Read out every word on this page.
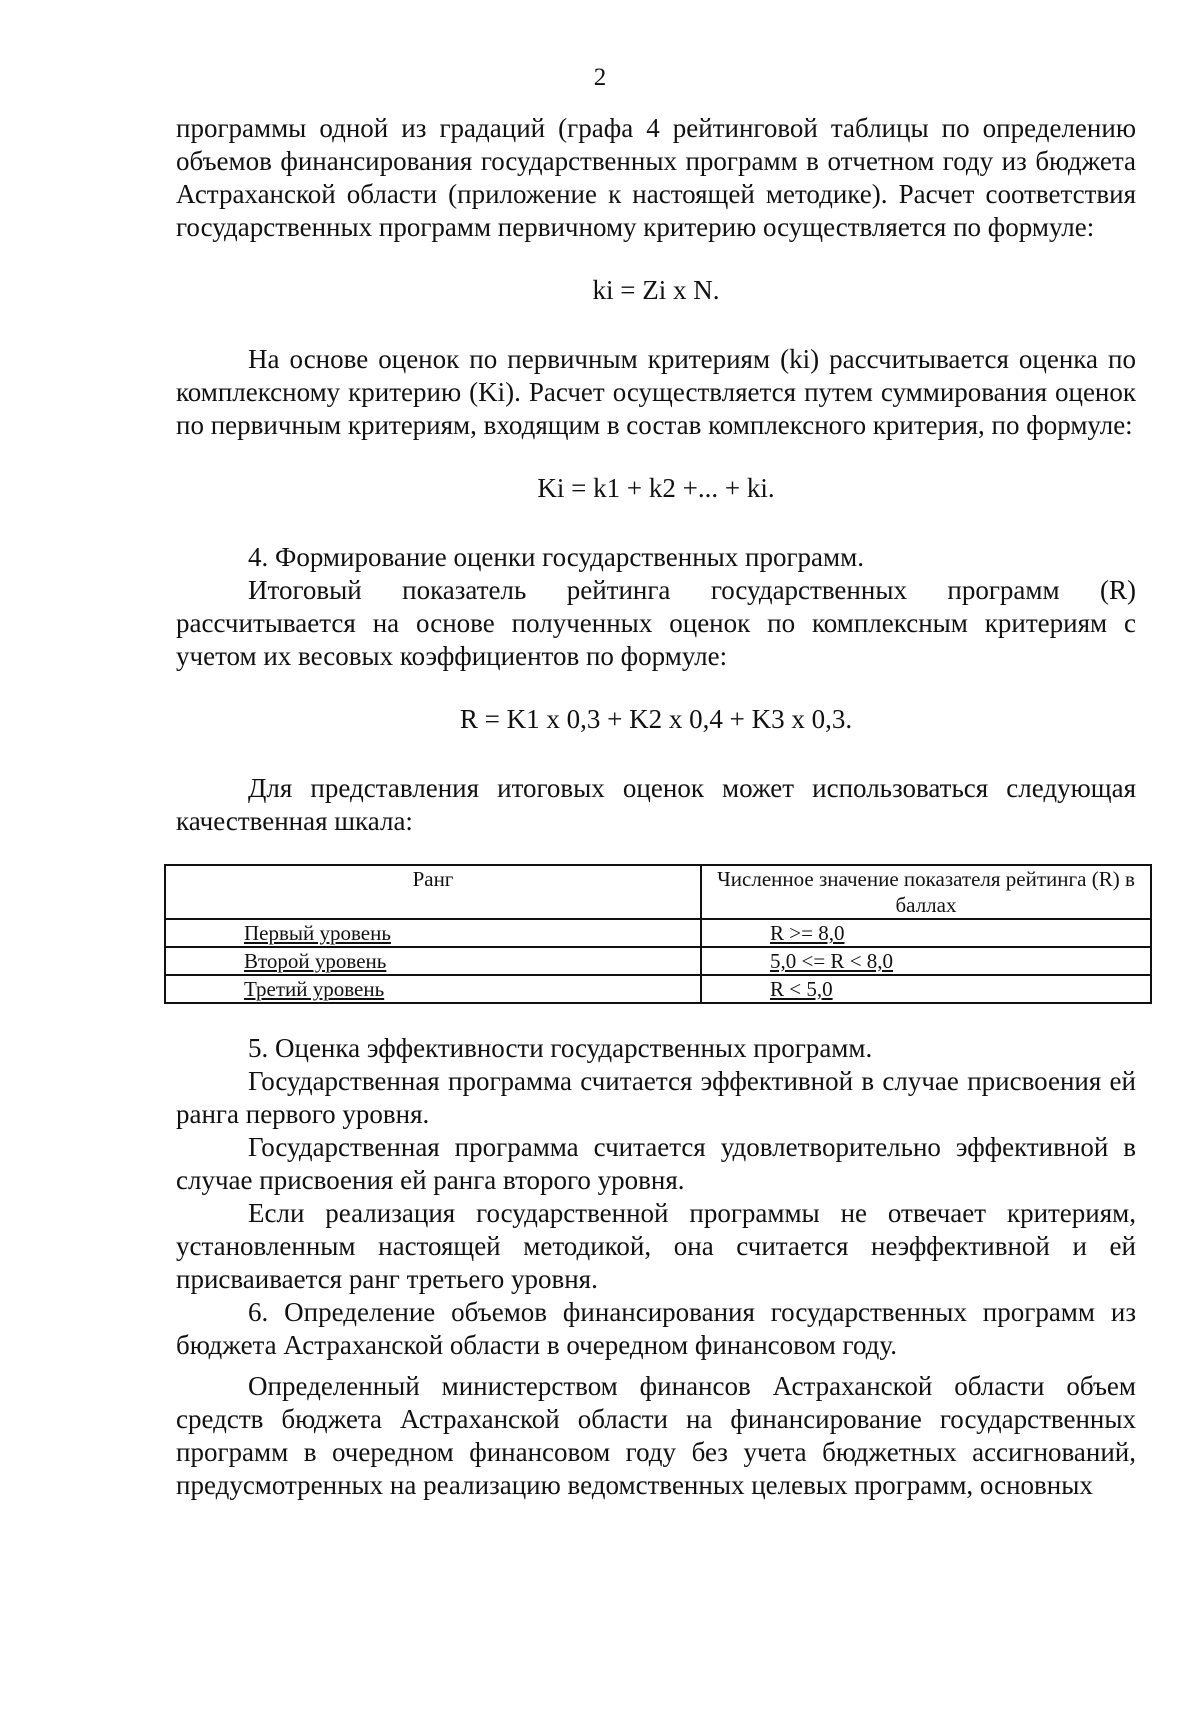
2

программы одной из градаций (графа 4 рейтинговой таблицы по определению объемов финансирования государственных программ в отчетном году из бюджета Астраханской области (приложение к настоящей методике). Расчет соответствия государственных программ первичному критерию осуществляется по формуле:

ki = Zi x N.

На основе оценок по первичным критериям (ki) рассчитывается оценка по комплексному критерию (Ki). Расчет осуществляется путем суммирования оценок по первичным критериям, входящим в состав комплексного критерия, по формуле:

Ki = k1 + k2 +... + ki.

4. Формирование оценки государственных программ.

Итоговый показатель рейтинга государственных программ (R) рассчитывается на основе полученных оценок по комплексным критериям с учетом их весовых коэффициентов по формуле:

R = K1 x 0,3 + K2 x 0,4 + K3 x 0,3.

Для представления итоговых оценок может использоваться следующая качественная шкала:

Ранг	Численное значение показателя рейтинга (R) в баллах
Первый уровень	R >= 8,0
Второй уровень	5,0 <= R < 8,0
Третий уровень	R < 5,0

5. Оценка эффективности государственных программ.

Государственная программа считается эффективной в случае присвоения ей ранга первого уровня.

Государственная программа считается удовлетворительно эффективной в случае присвоения ей ранга второго уровня.

Если реализация государственной программы не отвечает критериям, установленным настоящей методикой, она считается неэффективной и ей присваивается ранг третьего уровня.

6. Определение объемов финансирования государственных программ из бюджета Астраханской области в очередном финансовом году.

Определенный министерством финансов Астраханской области объем средств бюджета Астраханской области на финансирование государственных программ в очередном финансовом году без учета бюджетных ассигнований, предусмотренных на реализацию ведомственных целевых программ, основных
